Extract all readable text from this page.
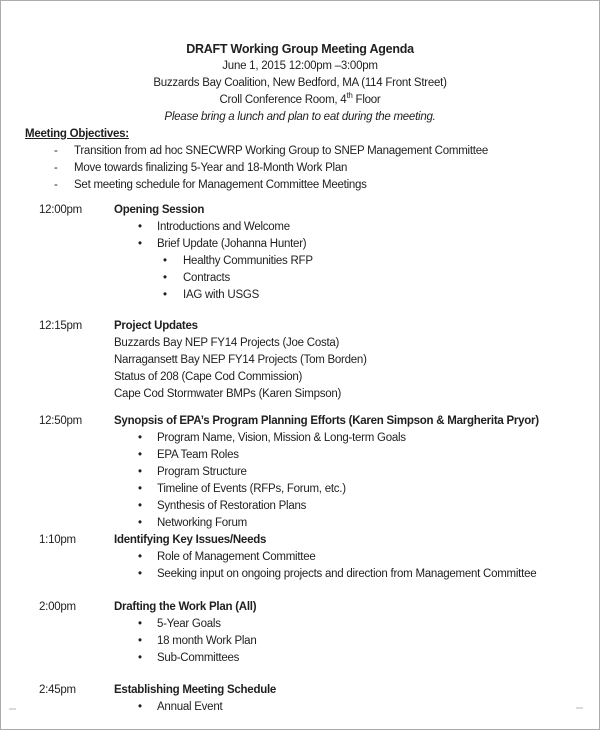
DRAFT Working Group Meeting Agenda
June 1, 2015 12:00pm –3:00pm
Buzzards Bay Coalition, New Bedford, MA (114 Front Street)
Croll Conference Room, 4th Floor
Please bring a lunch and plan to eat during the meeting.
Meeting Objectives:
-	Transition from ad hoc SNECWRP Working Group to SNEP Management Committee
-	Move towards finalizing 5-Year and 18-Month Work Plan
-	Set meeting schedule for Management Committee Meetings
12:00pm	Opening Session
•	Introductions and Welcome
•	Brief Update (Johanna Hunter)
•	Healthy Communities RFP
•	Contracts
•	IAG with USGS
12:15pm	Project Updates
Buzzards Bay NEP FY14 Projects (Joe Costa)
Narragansett Bay NEP FY14 Projects (Tom Borden)
Status of 208 (Cape Cod Commission)
Cape Cod Stormwater BMPs (Karen Simpson)
12:50pm	Synopsis of EPA’s Program Planning Efforts (Karen Simpson & Margherita Pryor)
•	Program Name, Vision, Mission & Long-term Goals
•	EPA Team Roles
•	Program Structure
•	Timeline of Events (RFPs, Forum, etc.)
•	Synthesis of Restoration Plans
•	Networking Forum
1:10pm	Identifying Key Issues/Needs
•	Role of Management Committee
•	Seeking input on ongoing projects and direction from Management Committee
2:00pm	Drafting the Work Plan (All)
•	5-Year Goals
•	18 month Work Plan
•	Sub-Committees
2:45pm	Establishing Meeting Schedule
•	Annual Event
